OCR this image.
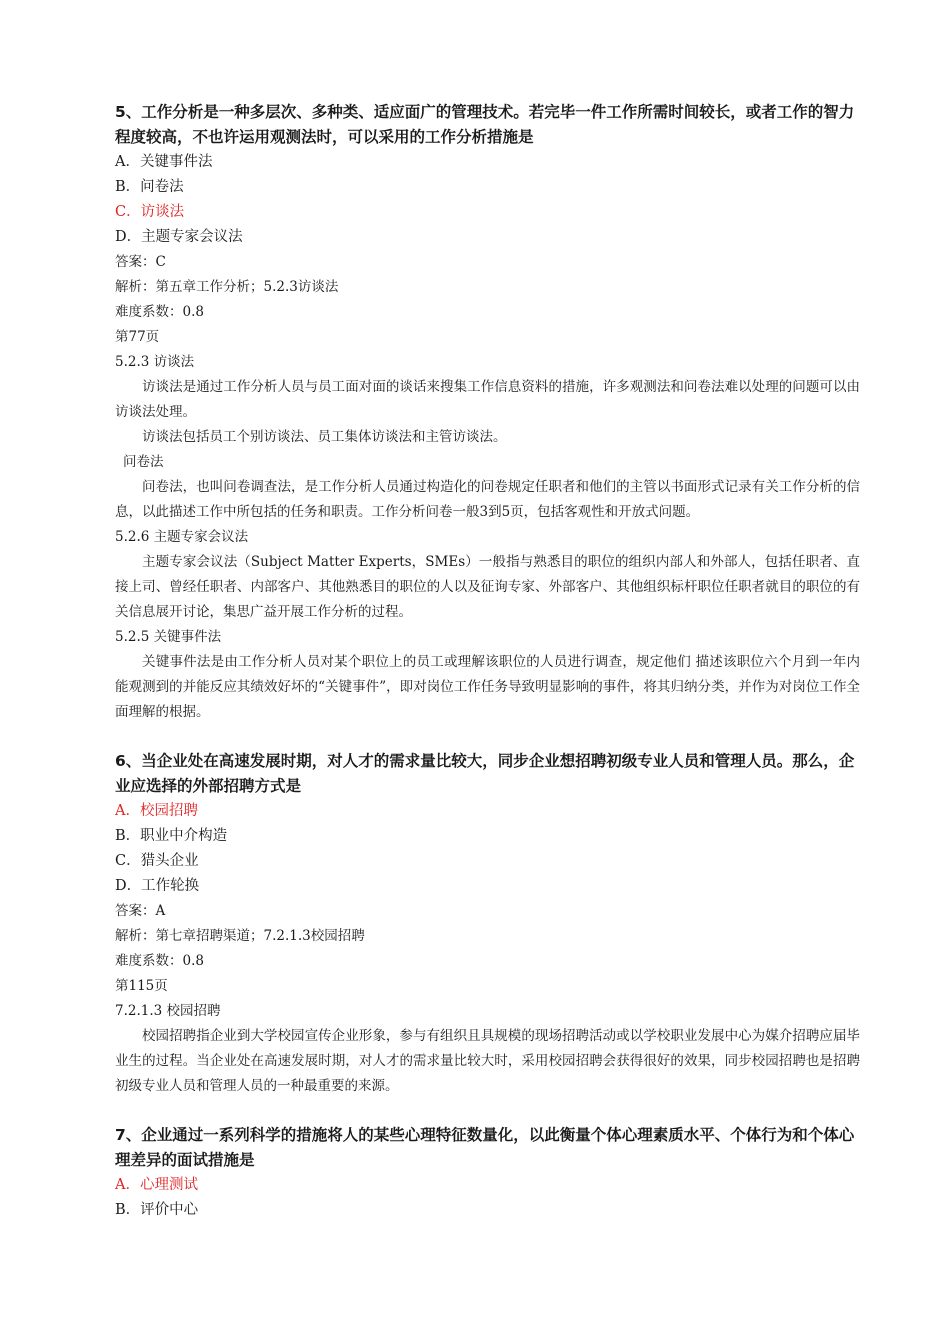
5、工作分析是一种多层次、多种类、适应面广的管理技术。若完毕一件工作所需时间较长，或者工作的智力程度较高，不也许运用观测法时，可以采用的工作分析措施是

A．关键事件法

B．问卷法

C．访谈法

D．主题专家会议法

答案：C

解析：第五章工作分析；5.2.3访谈法

难度系数：0.8

第77页

5.2.3 访谈法

访谈法是通过工作分析人员与员工面对面的谈话来搜集工作信息资料的措施，许多观测法和问卷法难以处理的问题可以由访谈法处理。

访谈法包括员工个别访谈法、员工集体访谈法和主管访谈法。

问卷法

问卷法，也叫问卷调查法，是工作分析人员通过构造化的问卷规定任职者和他们的主管以书面形式记录有关工作分析的信息，以此描述工作中所包括的任务和职责。工作分析问卷一般3到5页，包括客观性和开放式问题。

5.2.6 主题专家会议法

主题专家会议法（Subject Matter Experts，SMEs）一般指与熟悉目的职位的组织内部人和外部人，包括任职者、直接上司、曾经任职者、内部客户、其他熟悉目的职位的人以及征询专家、外部客户、其他组织标杆职位任职者就目的职位的有关信息展开讨论，集思广益开展工作分析的过程。

5.2.5 关键事件法

关键事件法是由工作分析人员对某个职位上的员工或理解该职位的人员进行调查，规定他们 描述该职位六个月到一年内能观测到的并能反应其绩效好坏的“关键事件”，即对岗位工作任务导致明显影响的事件，将其归纳分类，并作为对岗位工作全面理解的根据。

6、当企业处在高速发展时期，对人才的需求量比较大，同步企业想招聘初级专业人员和管理人员。那么，企业应选择的外部招聘方式是

A．校园招聘

B．职业中介构造

C．猎头企业

D．工作轮换

答案：A

解析：第七章招聘渠道；7.2.1.3校园招聘

难度系数：0.8

第115页

7.2.1.3 校园招聘

校园招聘指企业到大学校园宣传企业形象，参与有组织且具规模的现场招聘活动或以学校职业发展中心为媒介招聘应届毕业生的过程。当企业处在高速发展时期，对人才的需求量比较大时，采用校园招聘会获得很好的效果，同步校园招聘也是招聘初级专业人员和管理人员的一种最重要的来源。

7、企业通过一系列科学的措施将人的某些心理特征数量化，以此衡量个体心理素质水平、个体行为和个体心理差异的面试措施是

A．心理测试

B．评价中心
